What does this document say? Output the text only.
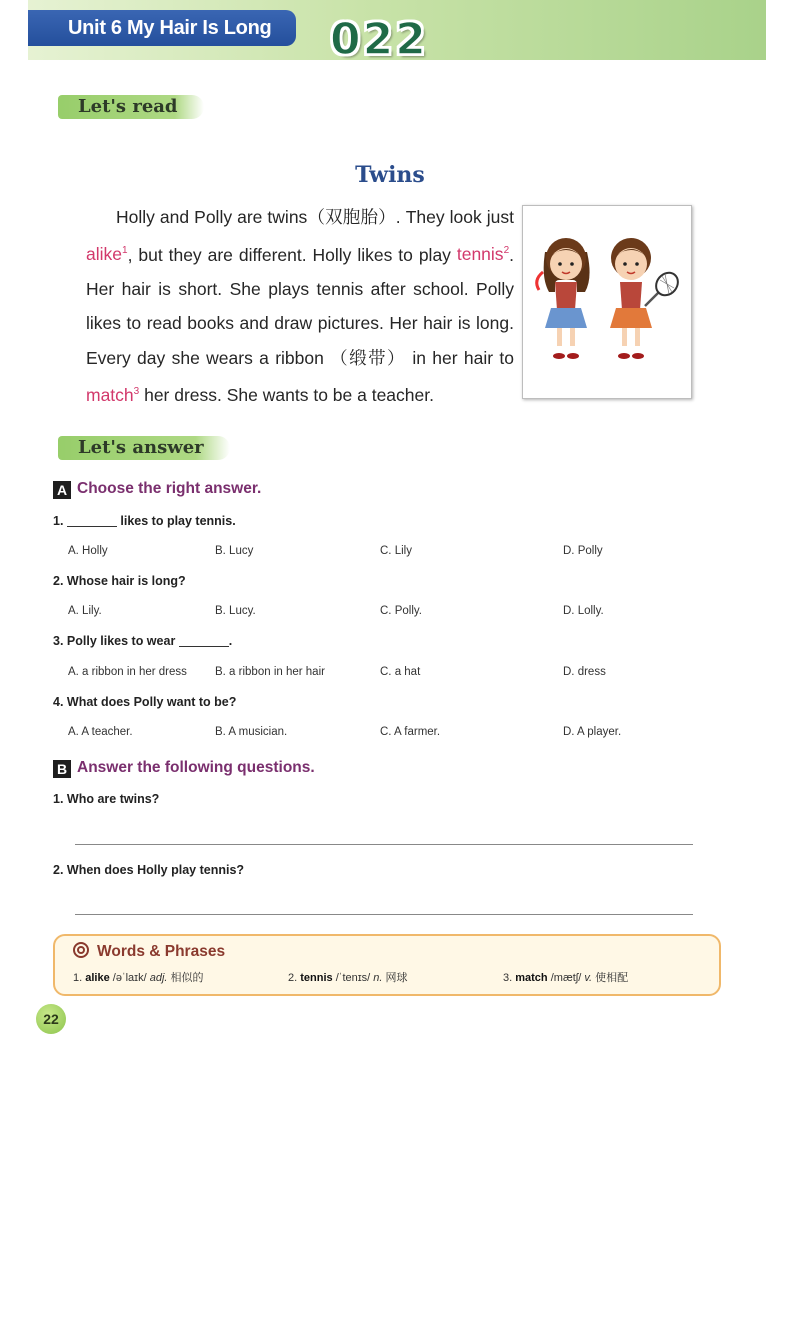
Unit 6 My Hair Is Long	022
Let's read
Twins

Holly and Polly are twins（双胞胎）. They look just alike$^1$, but they are different. Holly likes to play tennis$^2$. Her hair is short. She plays tennis after school. Polly likes to read books and draw pictures. Her hair is long. Every day she wears a ribbon （缎带） in her hair to match$^3$ her dress. She wants to be a teacher.

Let's answer
A Choose the right answer.
1.	likes to play tennis.
A. Holly	B. Lucy	C. Lily	D. Polly
2. Whose hair is long?
A. Lily.	B. Lucy.	C. Polly.	D. Lolly.
3. Polly likes to wear	.
A. a ribbon in her dress B. a ribbon in her hair	C. a hat	D. dress
4. What does Polly want to be?
A. A teacher.	B. A musician.	C. A farmer.	D. A player.
B Answer the following questions.
1. Who are twins?
2. When does Holly play tennis?
Words & Phrases
1. alike /əˈlaɪk/ adj. 相似的	2. tennis /ˈtenɪs/ n. 网球	3. match /mætʃ/ v. 使相配
22
